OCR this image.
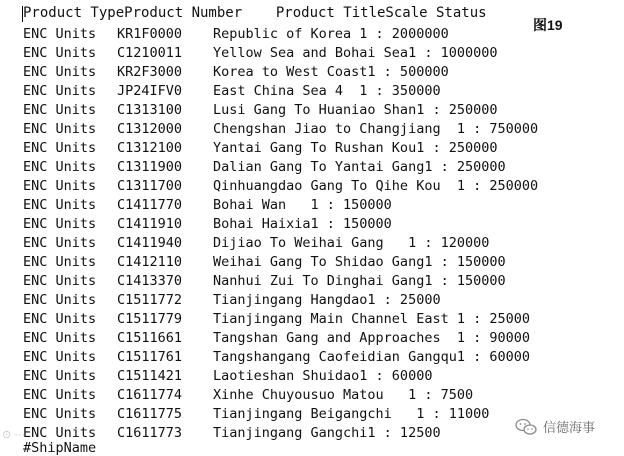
Product TypeProduct Number    Product TitleScale Status
图19
ENC Units KR1F0000 Republic of Korea 1 : 2000000
ENC Units C1210011 Yellow Sea and Bohai Sea1 : 1000000
ENC Units KR2F3000 Korea to West Coast1 : 500000
ENC Units JP24IFV0 East China Sea 4  1 : 350000
ENC Units C1313100 Lusi Gang To Huaniao Shan1 : 250000
ENC Units C1312000 Chengshan Jiao to Changjiang  1 : 750000
ENC Units C1312100 Yantai Gang To Rushan Kou1 : 250000
ENC Units C1311900 Dalian Gang To Yantai Gang1 : 250000
ENC Units C1311700 Qinhuangdao Gang To Qihe Kou  1 : 250000
ENC Units C1411770 Bohai Wan   1 : 150000
ENC Units C1411910 Bohai Haixia1 : 150000
ENC Units C1411940 Dijiao To Weihai Gang   1 : 120000
ENC Units C1412110 Weihai Gang To Shidao Gang1 : 150000
ENC Units C1413370 Nanhui Zui To Dinghai Gang1 : 150000
ENC Units C1511772 Tianjingang Hangdao1 : 25000
ENC Units C1511779 Tianjingang Main Channel East 1 : 25000
ENC Units C1511661 Tangshan Gang and Approaches  1 : 90000
ENC Units C1511761 Tangshangang Caofeidian Gangqu1 : 60000
ENC Units C1511421 Laotieshan Shuidao1 : 60000
ENC Units C1611774 Xinhe Chuyousuo Matou   1 : 7500
ENC Units C1611775 Tianjingang Beigangchi   1 : 11000
ENC Units C1611773 Tianjingang Gangchi1 : 12500
#ShipName
⊙ ···	信德海事
